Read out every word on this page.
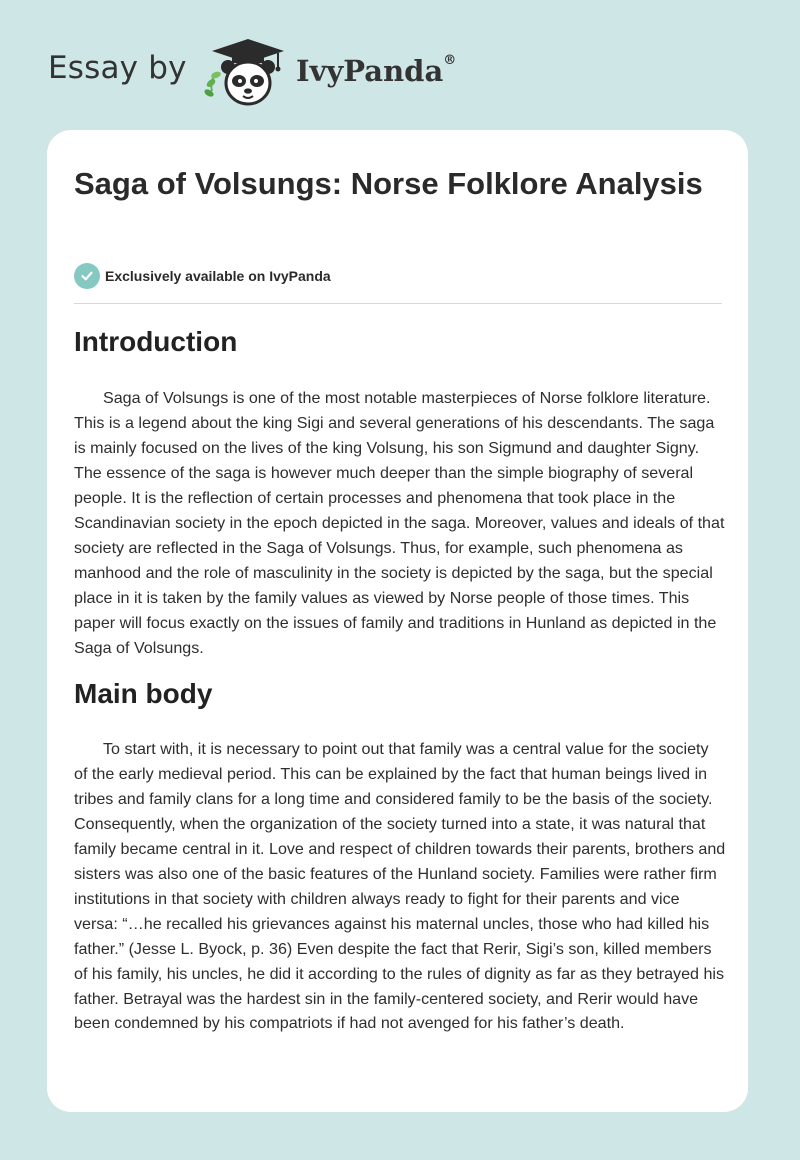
Essay by	IvyPanda®
Saga of Volsungs: Norse Folklore Analysis
Exclusively available on IvyPanda
Introduction

Saga of Volsungs is one of the most notable masterpieces of Norse folklore literature. This is a legend about the king Sigi and several generations of his descendants. The saga is mainly focused on the lives of the king Volsung, his son Sigmund and daughter Signy. The essence of the saga is however much deeper than the simple biography of several people. It is the reflection of certain processes and phenomena that took place in the Scandinavian society in the epoch depicted in the saga. Moreover, values and ideals of that society are reflected in the Saga of Volsungs. Thus, for example, such phenomena as manhood and the role of masculinity in the society is depicted by the saga, but the special place in it is taken by the family values as viewed by Norse people of those times. This paper will focus exactly on the issues of family and traditions in Hunland as depicted in the Saga of Volsungs.

Main body

To start with, it is necessary to point out that family was a central value for the society of the early medieval period. This can be explained by the fact that human beings lived in tribes and family clans for a long time and considered family to be the basis of the society. Consequently, when the organization of the society turned into a state, it was natural that family became central in it. Love and respect of children towards their parents, brothers and sisters was also one of the basic features of the Hunland society. Families were rather firm institutions in that society with children always ready to fight for their parents and vice versa: “…he recalled his grievances against his maternal uncles, those who had killed his father.” (Jesse L. Byock, p. 36) Even despite the fact that Rerir, Sigi’s son, killed members of his family, his uncles, he did it according to the rules of dignity as far as they betrayed his father. Betrayal was the hardest sin in the family-centered society, and Rerir would have been condemned by his compatriots if had not avenged for his father’s death.
